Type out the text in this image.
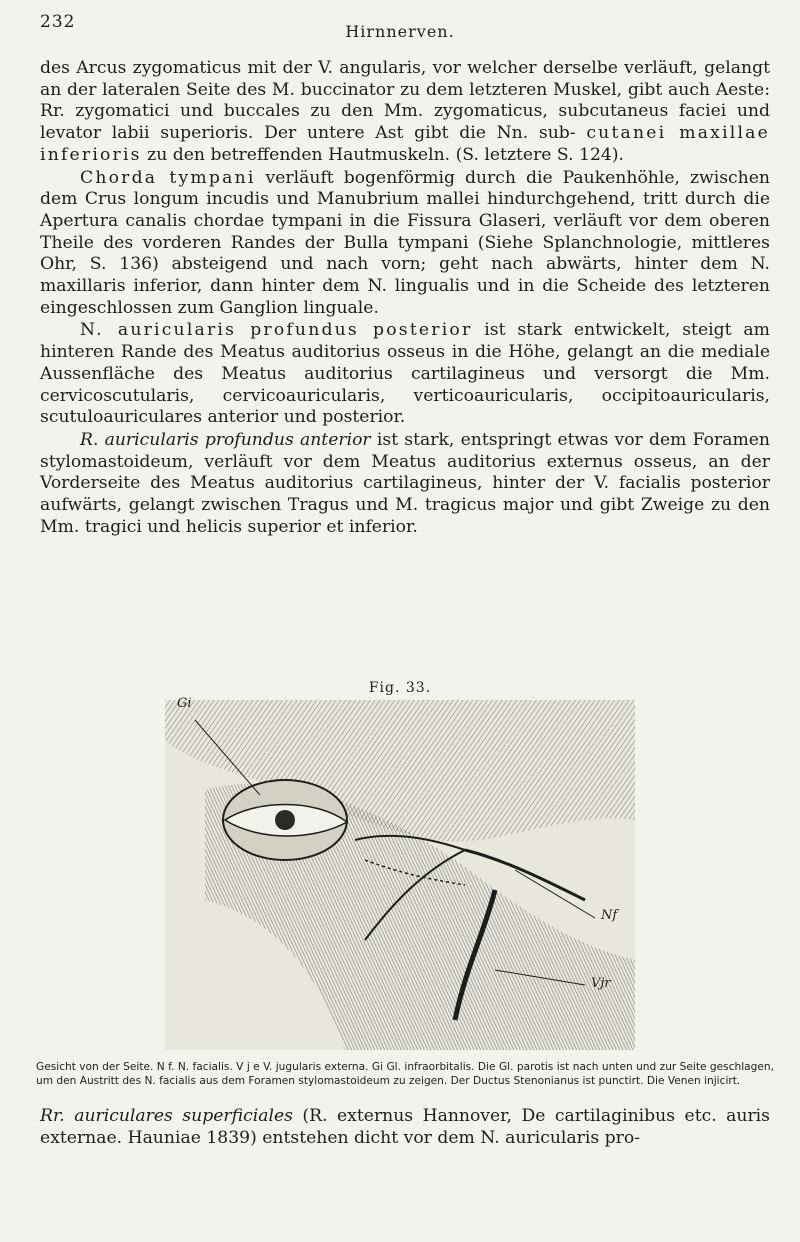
232	Hirnnerven.

des Arcus zygomaticus mit der V. angularis, vor welcher derselbe verläuft, gelangt an der lateralen Seite des M. buccinator zu dem letzteren Muskel, gibt auch Aeste: Rr. zygomatici und buccales zu den Mm. zygomaticus, subcutaneus faciei und levator labii superioris. Der untere Ast gibt die Nn. sub- cutanei maxillae inferioris zu den betreffenden Hautmuskeln. (S. letztere S. 124).

Chorda tympani verläuft bogenförmig durch die Paukenhöhle, zwischen dem Crus longum incudis und Manubrium mallei hindurchgehend, tritt durch die Apertura canalis chordae tympani in die Fissura Glaseri, verläuft vor dem oberen Theile des vorderen Randes der Bulla tympani (Siehe Splanchnologie, mittleres Ohr, S. 136) absteigend und nach vorn; geht nach abwärts, hinter dem N. maxillaris inferior, dann hinter dem N. lingualis und in die Scheide des letzteren eingeschlossen zum Ganglion linguale.

N. auricularis profundus posterior ist stark entwickelt, steigt am hinteren Rande des Meatus auditorius osseus in die Höhe, gelangt an die mediale Aussenfläche des Meatus auditorius cartilagineus und versorgt die Mm. cervicoscutularis, cervicoauricularis, verticoauricularis, occipitoauricularis, scutuloauriculares anterior und posterior.

R. auricularis profundus anterior ist stark, entspringt etwas vor dem Foramen stylomastoideum, verläuft vor dem Meatus auditorius externus osseus, an der Vorderseite des Meatus auditorius cartilagineus, hinter der V. facialis posterior aufwärts, gelangt zwischen Tragus und M. tragicus major und gibt Zweige zu den Mm. tragici und helicis superior et inferior.

Fig. 33.
Gi
Nf
Vjr
Gesicht von der Seite. N f. N. facialis. V j e V. jugularis externa. Gi Gl. infraorbitalis. Die Gl. parotis ist nach unten und zur Seite geschlagen, um den Austritt des N. facialis aus dem Foramen stylomastoideum zu zeigen. Der Ductus Stenonianus ist punctirt. Die Venen injicirt.

Rr. auriculares superficiales (R. externus Hannover, De cartilaginibus etc. auris externae. Hauniae 1839) entstehen dicht vor dem N. auricularis pro-
